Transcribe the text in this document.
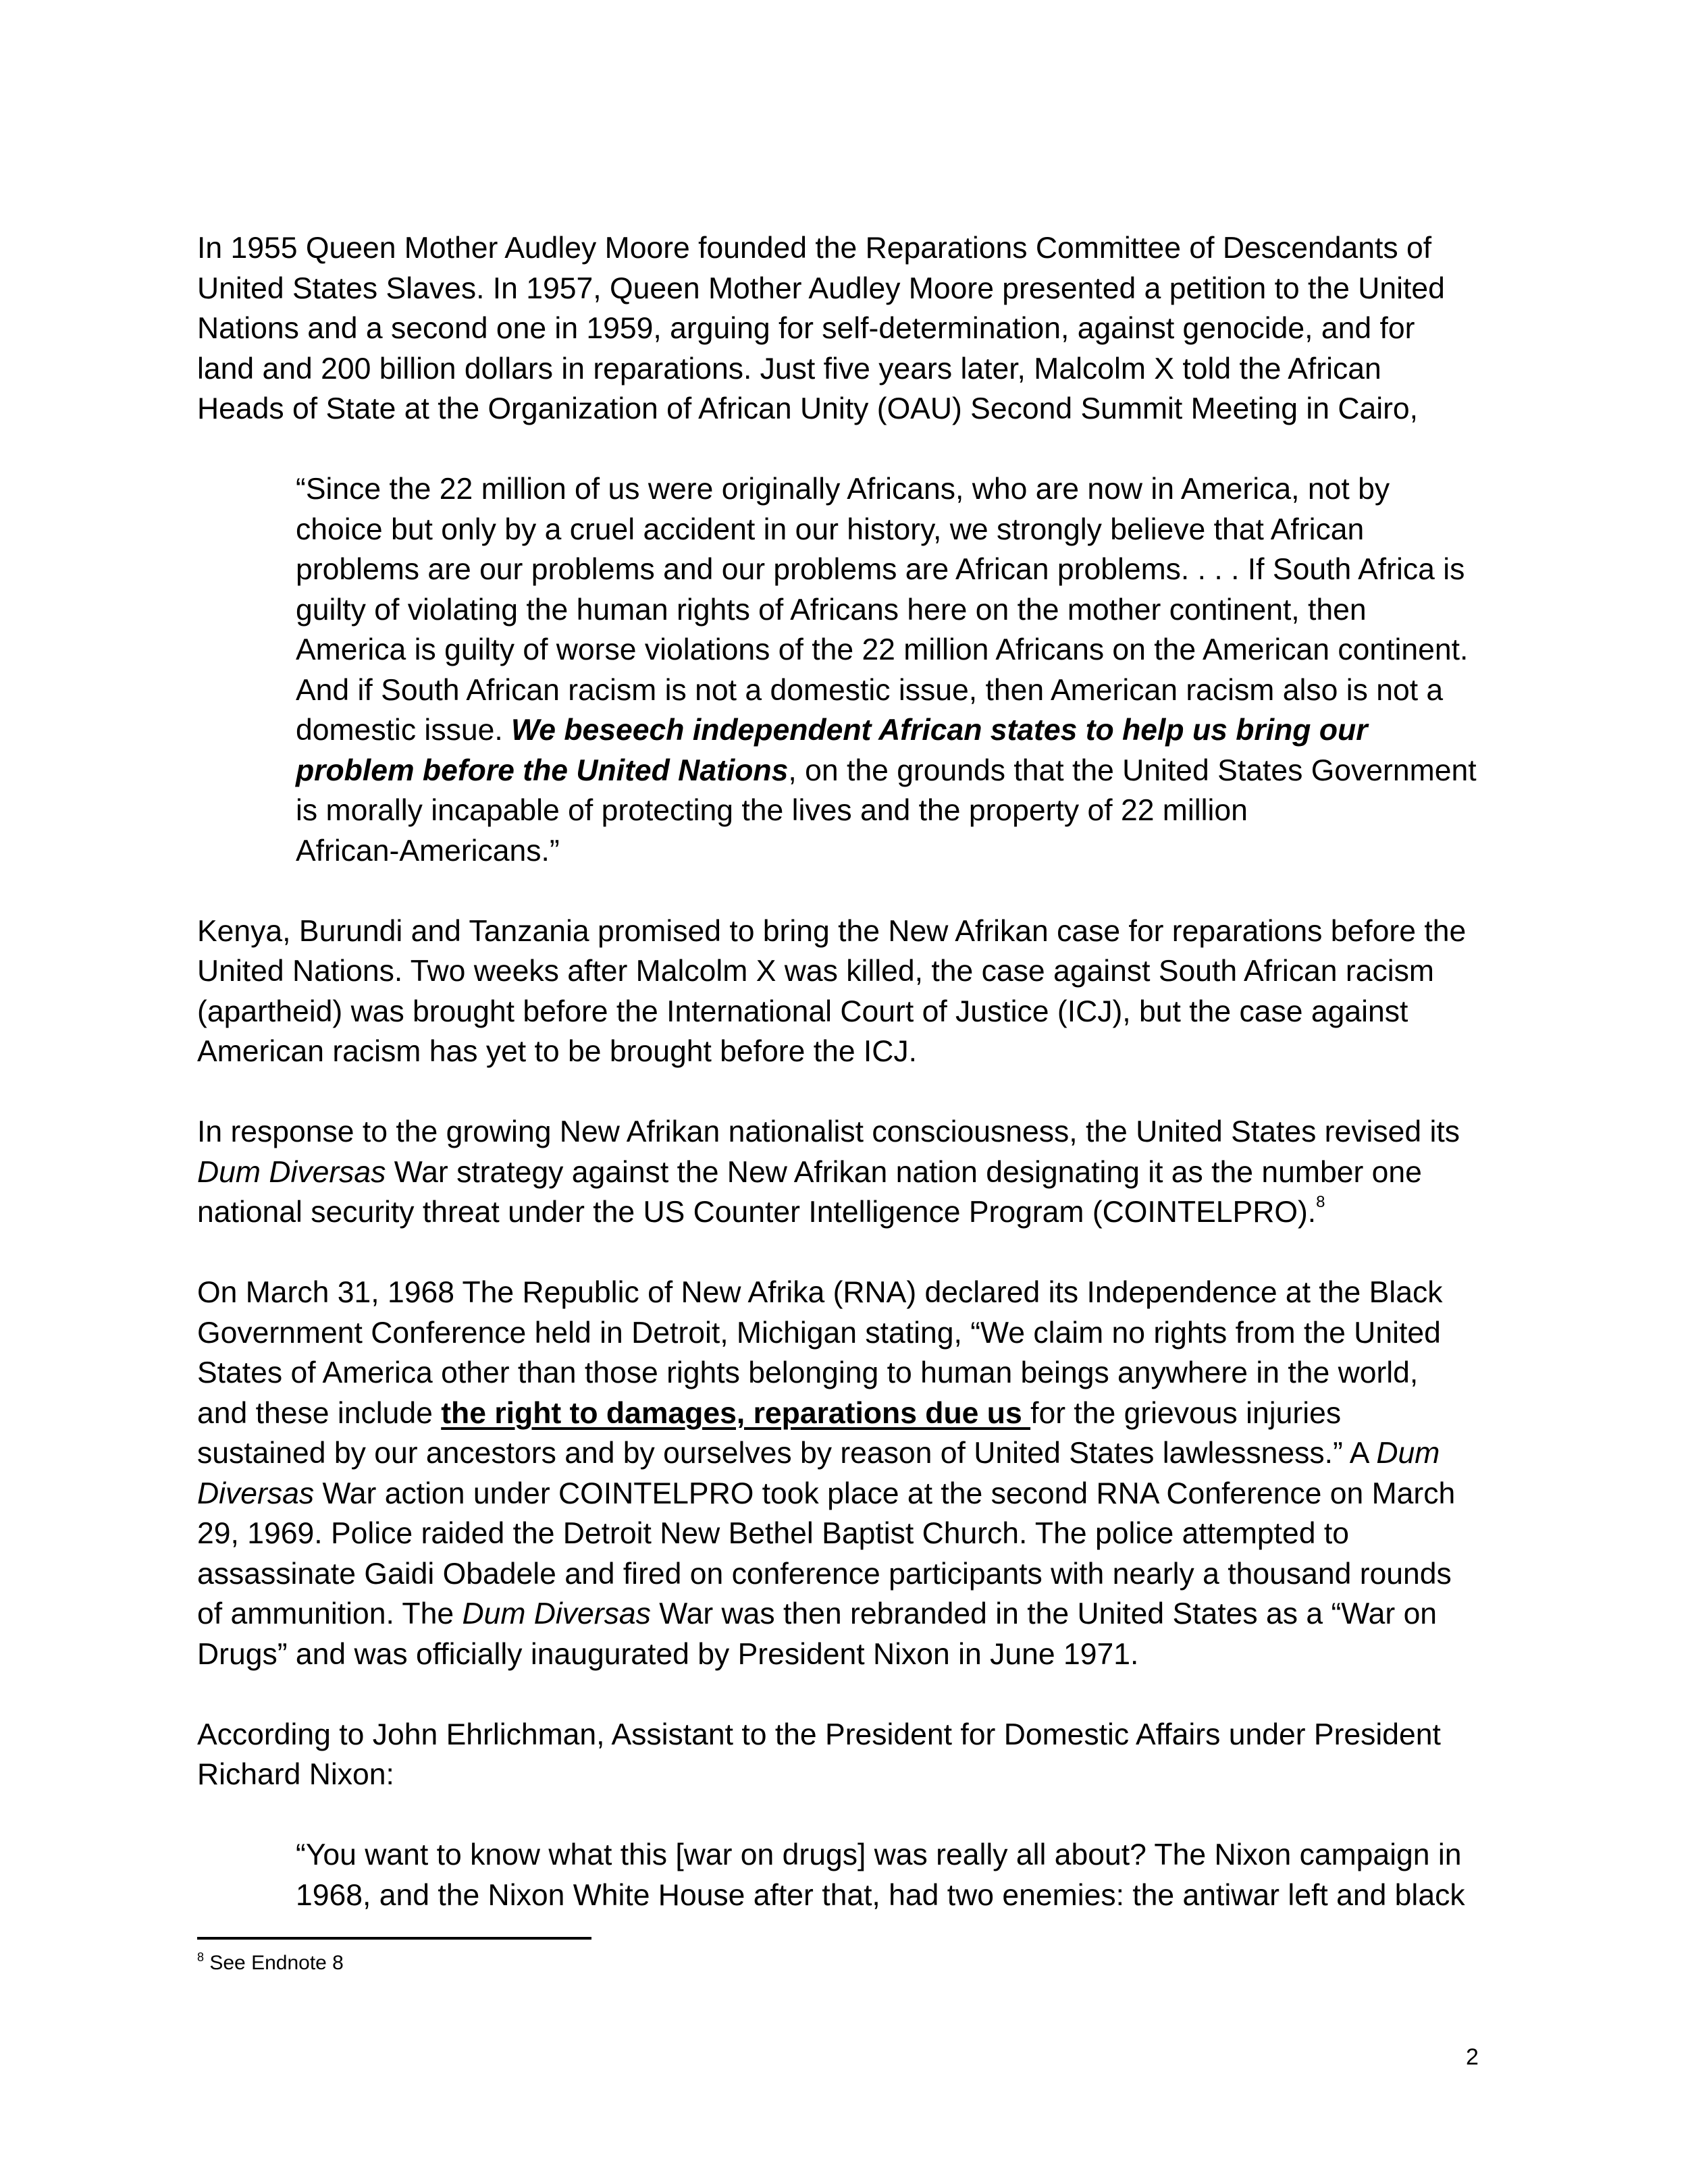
In 1955 Queen Mother Audley Moore founded the Reparations Committee of Descendants of
United States Slaves. In 1957, Queen Mother Audley Moore presented a petition to the United
Nations and a second one in 1959, arguing for self-determination, against genocide, and for
land and 200 billion dollars in reparations. Just five years later, Malcolm X told the African
Heads of State at the Organization of African Unity (OAU) Second Summit Meeting in Cairo,
“Since the 22 million of us were originally Africans, who are now in America, not by
choice but only by a cruel accident in our history, we strongly believe that African
problems are our problems and our problems are African problems. . . . If South Africa is
guilty of violating the human rights of Africans here on the mother continent, then
America is guilty of worse violations of the 22 million Africans on the American continent.
And if South African racism is not a domestic issue, then American racism also is not a
domestic issue. We beseech independent African states to help us bring our
problem before the United Nations, on the grounds that the United States Government
is morally incapable of protecting the lives and the property of 22 million
African-Americans.”
Kenya, Burundi and Tanzania promised to bring the New Afrikan case for reparations before the
United Nations. Two weeks after Malcolm X was killed, the case against South African racism
(apartheid) was brought before the International Court of Justice (ICJ), but the case against
American racism has yet to be brought before the ICJ.
In response to the growing New Afrikan nationalist consciousness, the United States revised its
Dum Diversas War strategy against the New Afrikan nation designating it as the number one
national security threat under the US Counter Intelligence Program (COINTELPRO).$^8$
On March 31, 1968 The Republic of New Afrika (RNA) declared its Independence at the Black
Government Conference held in Detroit, Michigan stating, “We claim no rights from the United
States of America other than those rights belonging to human beings anywhere in the world,
and these include the right to damages, reparations due us for the grievous injuries
sustained by our ancestors and by ourselves by reason of United States lawlessness.” A Dum
Diversas War action under COINTELPRO took place at the second RNA Conference on March
29, 1969. Police raided the Detroit New Bethel Baptist Church. The police attempted to
assassinate Gaidi Obadele and fired on conference participants with nearly a thousand rounds
of ammunition. The Dum Diversas War was then rebranded in the United States as a “War on
Drugs” and was officially inaugurated by President Nixon in June 1971.
According to John Ehrlichman, Assistant to the President for Domestic Affairs under President
Richard Nixon:
“You want to know what this [war on drugs] was really all about? The Nixon campaign in
1968, and the Nixon White House after that, had two enemies: the antiwar left and black
$^8$ See Endnote 8
2
